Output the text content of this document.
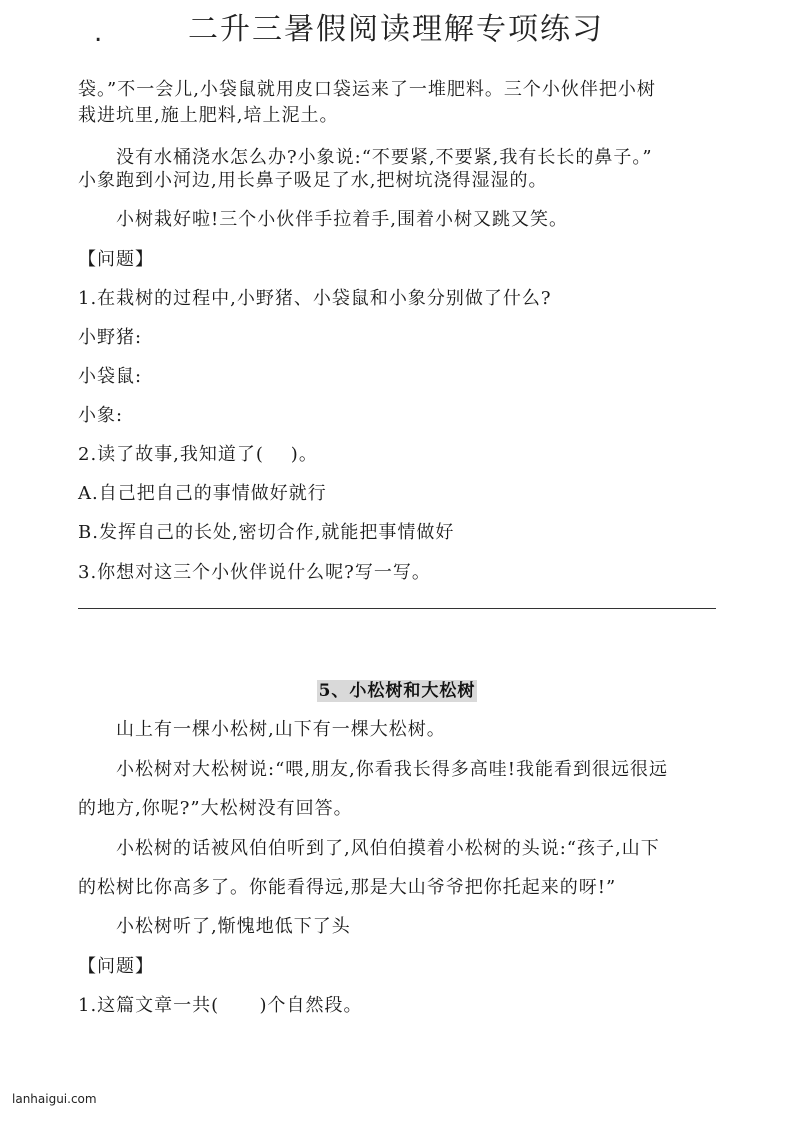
.	二升三暑假阅读理解专项练习
袋。”不一会儿,小袋鼠就用皮口袋运来了一堆肥料。三个小伙伴把小树
栽进坑里,施上肥料,培上泥土。
没有水桶浇水怎么办?小象说:“不要紧,不要紧,我有长长的鼻子。”
小象跑到小河边,用长鼻子吸足了水,把树坑浇得湿湿的。
小树栽好啦!三个小伙伴手拉着手,围着小树又跳又笑。
【问题】
1.在栽树的过程中,小野猪、小袋鼠和小象分别做了什么?
小野猪:
小袋鼠:
小象:
2.读了故事,我知道了(    )。
A.自己把自己的事情做好就行
B.发挥自己的长处,密切合作,就能把事情做好
3.你想对这三个小伙伴说什么呢?写一写。
5、小松树和大松树
山上有一棵小松树,山下有一棵大松树。
小松树对大松树说:“喂,朋友,你看我长得多高哇!我能看到很远很远
的地方,你呢?”大松树没有回答。
小松树的话被风伯伯听到了,风伯伯摸着小松树的头说:“孩子,山下
的松树比你高多了。你能看得远,那是大山爷爷把你托起来的呀!”
小松树听了,惭愧地低下了头
【问题】
1.这篇文章一共(      )个自然段。
lanhaigui.com
